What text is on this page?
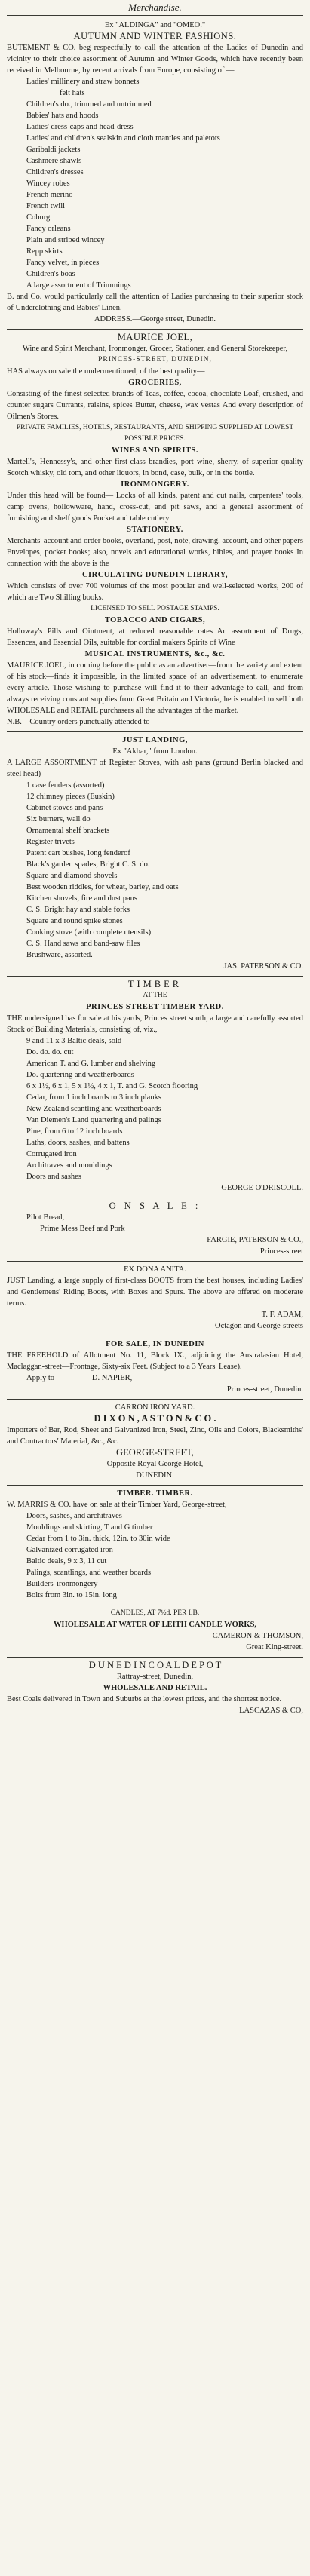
Merchandise.

Ex "ALDINGA" and "OMEO."

AUTUMN AND WINTER FASHIONS.

BUTEMENT & CO. beg respectfully to call the attention of the Ladies of Dunedin and vicinity to their choice assortment of Autumn and Winter Goods, which have recently been received in Melbourne, by recent arrivals from Europe, consisting of —

Ladies' millinery and straw bonnets

felt hats

Children's do., trimmed and untrimmed

Babies' hats and hoods

Ladies' dress-caps and head-dress

Ladies' and children's sealskin and cloth mantles and paletots

Garibaldi jackets

Cashmere shawls

Children's dresses

Wincey robes

French merino

French twill

Coburg

Fancy orleans

Plain and striped wincey

Repp skirts

Fancy velvet, in pieces

Children's boas

A large assortment of Trimmings

B. and Co. would particularly call the attention of Ladies purchasing to their superior stock of Underclothing and Babies' Linen.

ADDRESS.—George street, Dunedin.

MAURICE JOEL,

Wine and Spirit Merchant, Ironmonger, Grocer, Stationer, and General Storekeeper,

PRINCES-STREET, DUNEDIN,

HAS always on sale the undermentioned, of the best quality—

GROCERIES,

Consisting of the finest selected brands of Teas, coffee, cocoa, chocolate Loaf, crushed, and counter sugars Currants, raisins, spices Butter, cheese, wax vestas And every description of Oilmen's Stores.

PRIVATE FAMILIES, HOTELS, RESTAURANTS, AND SHIPPING SUPPLIED AT LOWEST POSSIBLE PRICES.

WINES AND SPIRITS.

Martell's, Hennessy's, and other first-class brandies, port wine, sherry, of superior quality Scotch whisky, old tom, and other liquors, in bond, case, bulk, or in the bottle.

IRONMONGERY.

Under this head will be found— Locks of all kinds, patent and cut nails, carpenters' tools, camp ovens, hollowware, hand, cross-cut, and pit saws, and a general assortment of furnishing and shelf goods Pocket and table cutlery

STATIONERY.

Merchants' account and order books, overland, post, note, drawing, account, and other papers Envelopes, pocket books; also, novels and educational works, bibles, and prayer books In connection with the above is the

CIRCULATING DUNEDIN LIBRARY,

Which consists of over 700 volumes of the most popular and well-selected works, 200 of which are Two Shilling books.

LICENSED TO SELL POSTAGE STAMPS.

TOBACCO AND CIGARS,

Holloway's Pills and Ointment, at reduced reasonable rates An assortment of Drugs, Essences, and Essential Oils, suitable for cordial makers Spirits of Wine

MUSICAL INSTRUMENTS, &c., &c.

MAURICE JOEL, in coming before the public as an advertiser—from the variety and extent of his stock—finds it impossible, in the limited space of an advertisement, to enumerate every article. Those wishing to purchase will find it to their advantage to call, and from always receiving constant supplies from Great Britain and Victoria, he is enabled to sell both WHOLESALE and RETAIL purchasers all the advantages of the market.

N.B.—Country orders punctually attended to

JUST LANDING,

Ex "Akbar," from London.

A LARGE ASSORTMENT of Register Stoves, with ash pans (ground Berlin blacked and steel head)

1 case fenders (assorted)

12 chimney pieces (Euskin)

Cabinet stoves and pans

Six burners, wall do

Ornamental shelf brackets

Register trivets

Patent cart bushes, long fenderof

Black's garden spades, Bright C. S. do.

Square and diamond shovels

Best wooden riddles, for wheat, barley, and oats

Kitchen shovels, fire and dust pans

C. S. Bright hay and stable forks

Square and round spike stones

Cooking stove (with complete utensils)

C. S. Hand saws and band-saw files

Brushware, assorted.

JAS. PATERSON & CO.

TIMBER

AT THE

PRINCES STREET TIMBER YARD.

THE undersigned has for sale at his yards, Princes street south, a large and carefully assorted Stock of Building Materials, consisting of, viz.,

9 and 11 x 3 Baltic deals, sold

Do. do. do. cut

American T. and G. lumber and shelving

Do. quartering and weatherboards

6 x 1½, 6 x 1, 5 x 1½, 4 x 1, T. and G. Scotch flooring

Cedar, from 1 inch boards to 3 inch planks

New Zealand scantling and weatherboards

Van Diemen's Land quartering and palings

Pine, from 6 to 12 inch boards

Laths, doors, sashes, and battens

Corrugated iron

Architraves and mouldings

Doors and sashes

GEORGE O'DRISCOLL.

O N S A L E :

Pilot Bread,

Prime Mess Beef and Pork

FARGIE, PATERSON & CO.,

Princes-street

EX DONA ANITA.

JUST Landing, a large supply of first-class BOOTS from the best houses, including Ladies' and Gentlemens' Riding Boots, with Boxes and Spurs. The above are offered on moderate terms.

T. F. ADAM,

Octagon and George-streets

FOR SALE, IN DUNEDIN

THE FREEHOLD of Allotment No. 11, Block IX., adjoining the Australasian Hotel, Maclaggan-street—Frontage, Sixty-six Feet. (Subject to a 3 Years' Lease).

Apply to	D. NAPIER,

Princes-street, Dunedin.

CARRON IRON YARD.

D I X O N , A S T O N & C O .

Importers of Bar, Rod, Sheet and Galvanized Iron, Steel, Zinc, Oils and Colors, Blacksmiths' and Contractors' Material, &c., &c.

GEORGE-STREET,

Opposite Royal George Hotel,

DUNEDIN.

TIMBER. TIMBER.

W. MARRIS & CO. have on sale at their Timber Yard, George-street,

Doors, sashes, and architraves

Mouldings and skirting, T and G timber

Cedar from 1 to 3in. thick, 12in. to 30in wide

Galvanized corrugated iron

Baltic deals, 9 x 3, 11 cut

Palings, scantlings, and weather boards

Builders' ironmongery

Bolts from 3in. to 15in. long

CANDLES, AT 7½d. PER LB.

WHOLESALE AT WATER OF LEITH CANDLE WORKS,

CAMERON & THOMSON,

Great King-street.

D U N E D I N C O A L D E P O T

Rattray-street, Dunedin,

WHOLESALE AND RETAIL.

Best Coals delivered in Town and Suburbs at the lowest prices, and the shortest notice.

LASCAZAS & CO,
